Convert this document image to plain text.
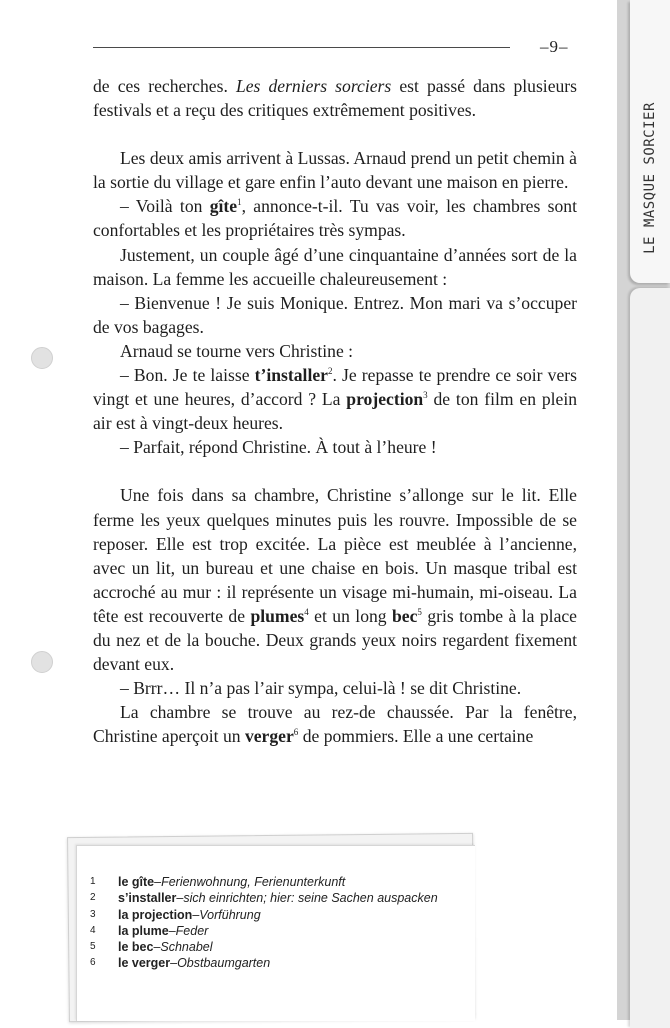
LE MASQUE SORCIER
–9–

de ces recherches. Les derniers sorciers est passé dans plusieurs festivals et a reçu des critiques extrêmement positives.

Les deux amis arrivent à Lussas. Arnaud prend un petit chemin à la sortie du village et gare enfin l’auto devant une maison en pierre.

– Voilà ton gîte$^1$, annonce-t-il. Tu vas voir, les chambres sont confortables et les propriétaires très sympas.

Justement, un couple âgé d’une cinquantaine d’années sort de la maison. La femme les accueille chaleureusement :

– Bienvenue ! Je suis Monique. Entrez. Mon mari va s’occuper de vos bagages.

Arnaud se tourne vers Christine :

– Bon. Je te laisse t’installer$^2$. Je repasse te prendre ce soir vers vingt et une heures, d’accord ? La projection$^3$ de ton film en plein air est à vingt-deux heures.

– Parfait, répond Christine. À tout à l’heure !

Une fois dans sa chambre, Christine s’allonge sur le lit. Elle ferme les yeux quelques minutes puis les rouvre. Impossible de se reposer. Elle est trop excitée. La pièce est meublée à l’ancienne, avec un lit, un bureau et une chaise en bois. Un masque tribal est accroché au mur : il représente un visage mi-humain, mi-oiseau. La tête est recouverte de plumes$^4$ et un long bec$^5$ gris tombe à la place du nez et de la bouche. Deux grands yeux noirs regardent fixement devant eux.

– Brrr… Il n’a pas l’air sympa, celui-là ! se dit Christine.

La chambre se trouve au rez-de chaussée. Par la fenêtre, Christine aperçoit un verger$^6$ de pommiers. Elle a une certaine

1	le gîte – Ferienwohnung, Ferienunterkunft
2	s’installer – sich einrichten; hier: seine Sachen auspacken
3	la projection – Vorführung
4	la plume – Feder
5	le bec – Schnabel
6	le verger – Obstbaumgarten
